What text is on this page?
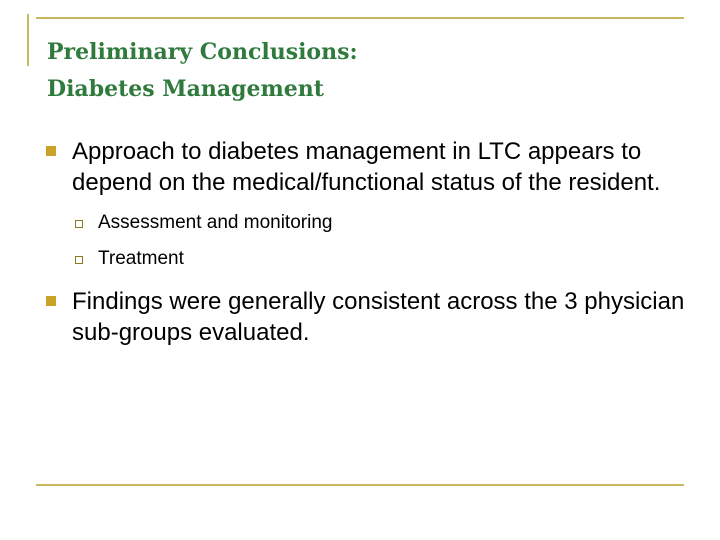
Preliminary Conclusions:
Diabetes Management
Approach to diabetes management in LTC appears to depend on the medical/functional status of the resident.
Assessment and monitoring
Treatment
Findings were generally consistent across the 3 physician sub-groups evaluated.
